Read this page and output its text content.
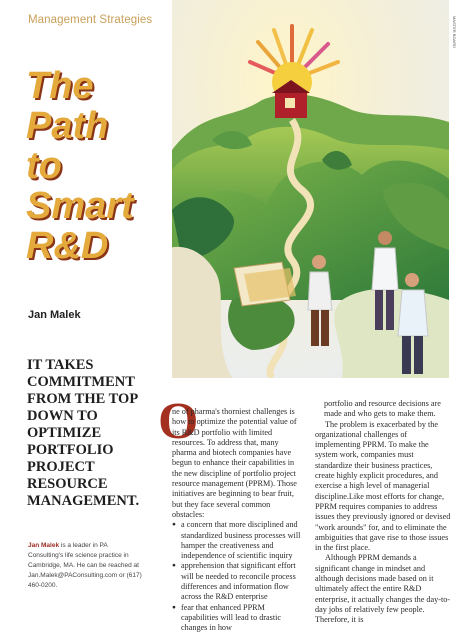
Management Strategies
The
Path
to
Smart
R&D
Jan Malek
IT TAKES COMMITMENT FROM THE TOP DOWN TO OPTIMIZE PORTFOLIO PROJECT RESOURCE MANAGEMENT.
Jan Malek is a leader in PA Consulting's life science practice in Cambridge, MA. He can be reached at Jan.Malek@PAConsulting.com or (617) 460-0200.
MASTER BOARD
O

ne of pharma's thorniest challenges is how to optimize the potential value of its R&D portfolio with limited resources. To address that, many pharma and biotech companies have begun to enhance their capabilities in the new discipline of portfolio project resource management (PPRM). Those initiatives are beginning to bear fruit, but they face several common obstacles:

● a concern that more disciplined and standardized business processes will hamper the creativeness and independence of scientific inquiry
● apprehension that significant effort will be needed to reconcile process differences and information flow across the R&D enterprise
● fear that enhanced PPRM capabilities will lead to drastic changes in how

portfolio and resource decisions are made and who gets to make them.

The problem is exacerbated by the organizational challenges of implementing PPRM. To make the system work, companies must standardize their business practices, create highly explicit procedures, and exercise a high level of managerial discipline.Like most efforts for change, PPRM requires companies to address issues they previously ignored or devised "work arounds" for, and to eliminate the ambiguities that gave rise to those issues in the first place.

Although PPRM demands a significant change in mindset and although decisions made based on it ultimately affect the entire R&D enterprise, it actually changes the day-to-day jobs of relatively few people. Therefore, it is
